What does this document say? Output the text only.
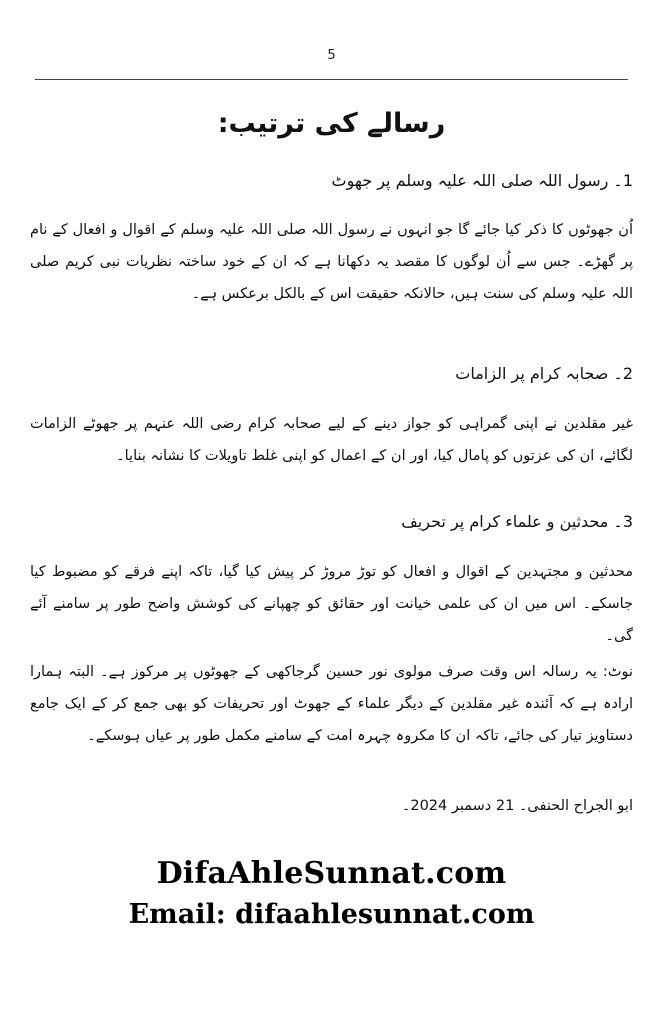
5
رسالے کی ترتیب:
1۔ رسول اللہ صلی اللہ علیہ وسلم پر جھوٹ
اُن جھوٹوں کا ذکر کیا جائے گا جو انہوں نے رسول اللہ صلی اللہ علیہ وسلم کے اقوال و افعال کے نام پر گھڑے۔ جس سے اُن لوگوں کا مقصد یہ دکھانا ہے کہ ان کے خود ساختہ نظریات نبی کریم صلی اللہ علیہ وسلم کی سنت ہیں، حالانکہ حقیقت اس کے بالکل برعکس ہے۔
2۔ صحابہ کرام پر الزامات
غیر مقلدین نے اپنی گمراہی کو جواز دینے کے لیے صحابہ کرام رضی اللہ عنہم پر جھوٹے الزامات لگائے، ان کی عزتوں کو پامال کیا، اور ان کے اعمال کو اپنی غلط تاویلات کا نشانہ بنایا۔
3۔ محدثین و علماء کرام پر تحریف
محدثین و مجتہدین کے اقوال و افعال کو توڑ مروڑ کر پیش کیا گیا، تاکہ اپنے فرقے کو مضبوط کیا جاسکے۔ اس میں ان کی علمی خیانت اور حقائق کو چھپانے کی کوشش واضح طور پر سامنے آئے گی۔
نوٹ: یہ رسالہ اس وقت صرف مولوی نور حسین گرجاکھی کے جھوٹوں پر مرکوز ہے۔ البتہ ہمارا ارادہ ہے کہ آئندہ غیر مقلدین کے دیگر علماء کے جھوٹ اور تحریفات کو بھی جمع کر کے ایک جامع دستاویز تیار کی جائے، تاکہ ان کا مکروہ چہرہ امت کے سامنے مکمل طور پر عیاں ہوسکے۔
ابو الجراح الحنفی۔ 21 دسمبر 2024۔
DifaAhleSunnat.com
Email: difaahlesunnat.com
